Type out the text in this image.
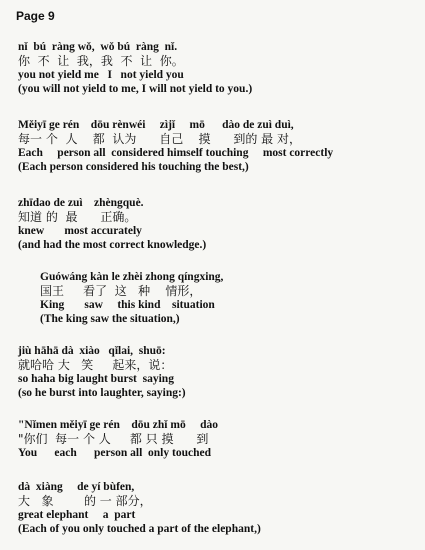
Page 9
nǐ  bú  ràng wǒ,  wǒ bú  ràng  nǐ.
你  不  让  我，我  不  让  你。
you not yield me   I   not yield you
(you will not yield to me, I will not yield to you.)
Měiyī ge rén    dōu rènwéi     zìjǐ     mō      dào de zuì duì,
每一 个  人    都  认为      自己    摸      到的 最 对，
Each     person all  considered himself touching     most correctly
(Each person considered his touching the best,)
zhīdao de zuì    zhèngquè.
知道 的  最      正确。
knew       most accurately
(and had the most correct knowledge.)
Guówáng kàn le zhèi zhong qíngxing,
国王     看了  这   种    情形，
King       saw     this kind    situation
(The king saw the situation,)
jiù hāhā dà  xiào   qǐlai,  shuō:
就哈哈 大   笑     起来，说：
so haha big laught burst  saying
(so he burst into laughter, saying:)
"Nǐmen měiyī ge rén    dōu zhǐ mō     dào
"你们  每一 个 人     都 只 摸      到
You      each      person all  only touched
dà  xiàng     de yí bùfen,
大   象        的 一 部分，
great elephant     a  part
(Each of you only touched a part of the elephant,)
